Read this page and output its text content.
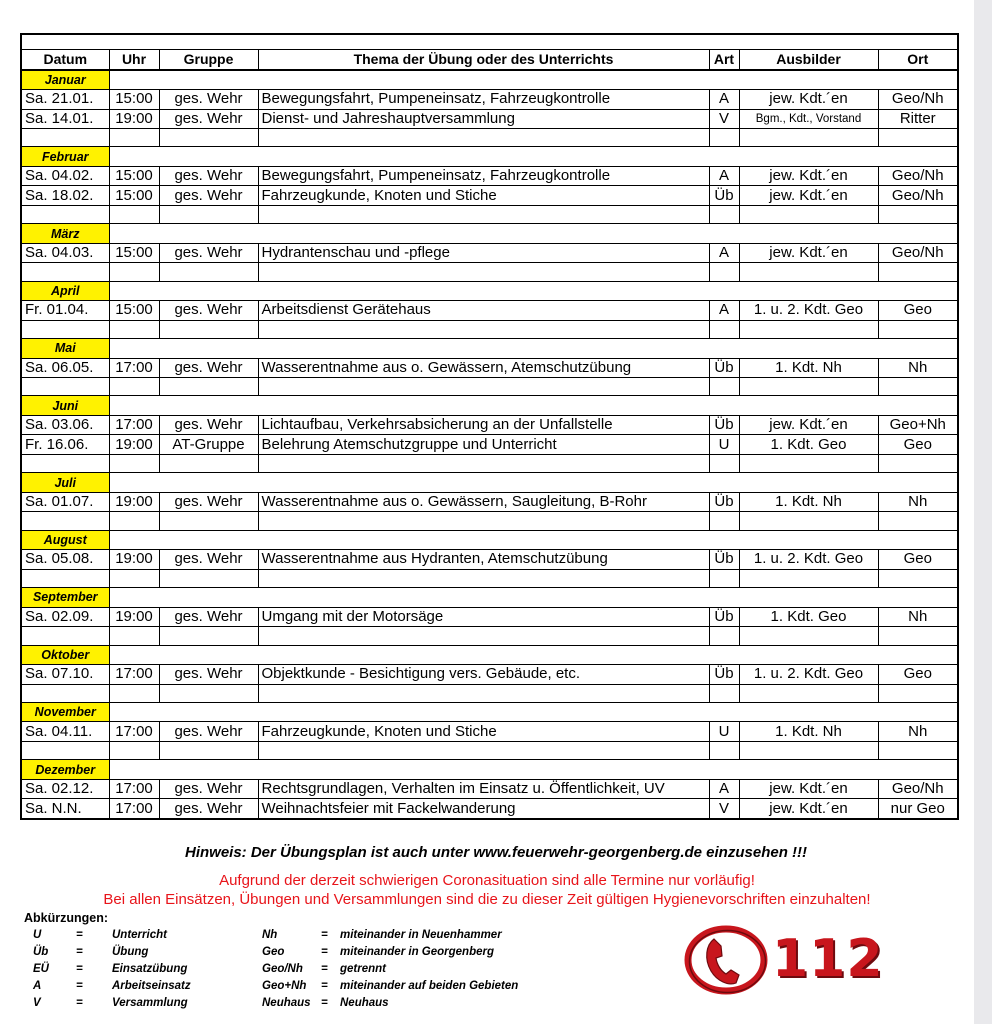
Datum	Uhr	Gruppe	Thema der Übung oder des Unterrichts	Art	Ausbilder	Ort
Januar						
Sa. 21.01.	15:00	ges. Wehr	Bewegungsfahrt, Pumpeneinsatz, Fahrzeugkontrolle	A	jew. Kdt.´en	Geo/Nh
Sa. 14.01.	19:00	ges. Wehr	Dienst- und Jahreshauptversammlung	V	Bgm., Kdt., Vorstand	Ritter

Februar						
Sa. 04.02.	15:00	ges. Wehr	Bewegungsfahrt, Pumpeneinsatz, Fahrzeugkontrolle	A	jew. Kdt.´en	Geo/Nh
Sa. 18.02.	15:00	ges. Wehr	Fahrzeugkunde, Knoten und Stiche	Üb	jew. Kdt.´en	Geo/Nh

März						
Sa. 04.03.	15:00	ges. Wehr	Hydrantenschau und -pflege	A	jew. Kdt.´en	Geo/Nh

April						
Fr. 01.04.	15:00	ges. Wehr	Arbeitsdienst Gerätehaus	A	1. u. 2. Kdt. Geo	Geo

Mai						
Sa. 06.05.	17:00	ges. Wehr	Wasserentnahme aus o. Gewässern, Atemschutzübung	Üb	1. Kdt. Nh	Nh

Juni						
Sa. 03.06.	17:00	ges. Wehr	Lichtaufbau, Verkehrsabsicherung an der Unfallstelle	Üb	jew. Kdt.´en	Geo+Nh
Fr. 16.06.	19:00	AT-Gruppe	Belehrung Atemschutzgruppe und Unterricht	U	1. Kdt. Geo	Geo

Juli						
Sa. 01.07.	19:00	ges. Wehr	Wasserentnahme aus o. Gewässern, Saugleitung, B-Rohr	Üb	1. Kdt. Nh	Nh

August						
Sa. 05.08.	19:00	ges. Wehr	Wasserentnahme aus Hydranten, Atemschutzübung	Üb	1. u. 2. Kdt. Geo	Geo

September						
Sa. 02.09.	19:00	ges. Wehr	Umgang mit der Motorsäge	Üb	1. Kdt. Geo	Nh

Oktober						
Sa. 07.10.	17:00	ges. Wehr	Objektkunde - Besichtigung vers. Gebäude, etc.	Üb	1. u. 2. Kdt. Geo	Geo

November						
Sa. 04.11.	17:00	ges. Wehr	Fahrzeugkunde, Knoten und Stiche	U	1. Kdt. Nh	Nh

Dezember						
Sa. 02.12.	17:00	ges. Wehr	Rechtsgrundlagen, Verhalten im Einsatz u. Öffentlichkeit, UV	A	jew. Kdt.´en	Geo/Nh
Sa. N.N.	17:00	ges. Wehr	Weihnachtsfeier mit Fackelwanderung	V	jew. Kdt.´en	nur Geo
Hinweis: Der Übungsplan ist auch unter www.feuerwehr-georgenberg.de einzusehen !!!
Aufgrund der derzeit schwierigen Coronasituation sind alle Termine nur vorläufig!
Bei allen Einsätzen, Übungen und Versammlungen sind die zu dieser Zeit gültigen Hygienevorschriften einzuhalten!
Abkürzungen:
U	=	Unterricht	Nh	= miteinander in Neuenhammer
Üb =	Übung	Geo	= miteinander in Georgenberg
EÜ =	Einsatzübung	Geo/Nh = getrennt
A	=	Arbeitseinsatz	Geo+Nh = miteinander auf beiden Gebieten
V	=	Versammlung	Neuhaus = Neuhaus
112
